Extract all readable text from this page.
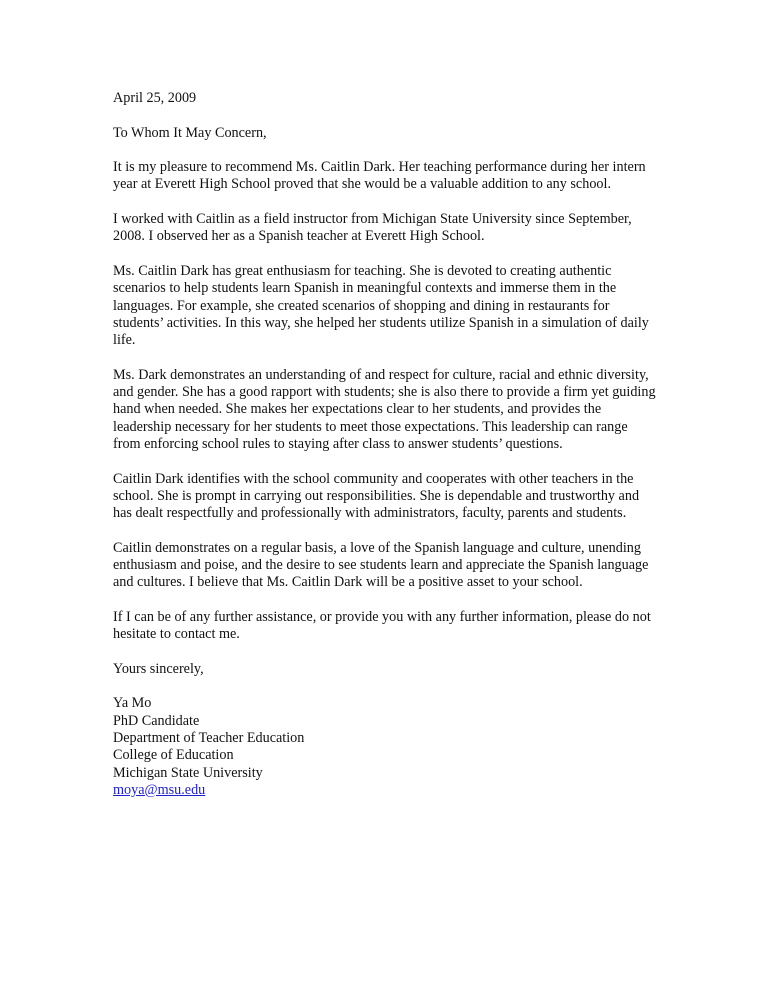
April 25, 2009

To Whom It May Concern,

It is my pleasure to recommend Ms. Caitlin Dark. Her teaching performance during her intern year at Everett High School proved that she would be a valuable addition to any school.

I worked with Caitlin as a field instructor from Michigan State University since September, 2008. I observed her as a Spanish teacher at Everett High School.

Ms. Caitlin Dark has great enthusiasm for teaching. She is devoted to creating authentic scenarios to help students learn Spanish in meaningful contexts and immerse them in the languages. For example, she created scenarios of shopping and dining in restaurants for students’ activities. In this way, she helped her students utilize Spanish in a simulation of daily life.

Ms. Dark demonstrates an understanding of and respect for culture, racial and ethnic diversity, and gender. She has a good rapport with students; she is also there to provide a firm yet guiding hand when needed. She makes her expectations clear to her students, and provides the leadership necessary for her students to meet those expectations. This leadership can range from enforcing school rules to staying after class to answer students’ questions.

Caitlin Dark identifies with the school community and cooperates with other teachers in the school. She is prompt in carrying out responsibilities. She is dependable and trustworthy and has dealt respectfully and professionally with administrators, faculty, parents and students.

Caitlin demonstrates on a regular basis, a love of the Spanish language and culture, unending enthusiasm and poise, and the desire to see students learn and appreciate the Spanish language and cultures. I believe that Ms. Caitlin Dark will be a positive asset to your school.

If I can be of any further assistance, or provide you with any further information, please do not hesitate to contact me.

Yours sincerely,

Ya Mo
PhD Candidate
Department of Teacher Education
College of Education
Michigan State University
moya@msu.edu
